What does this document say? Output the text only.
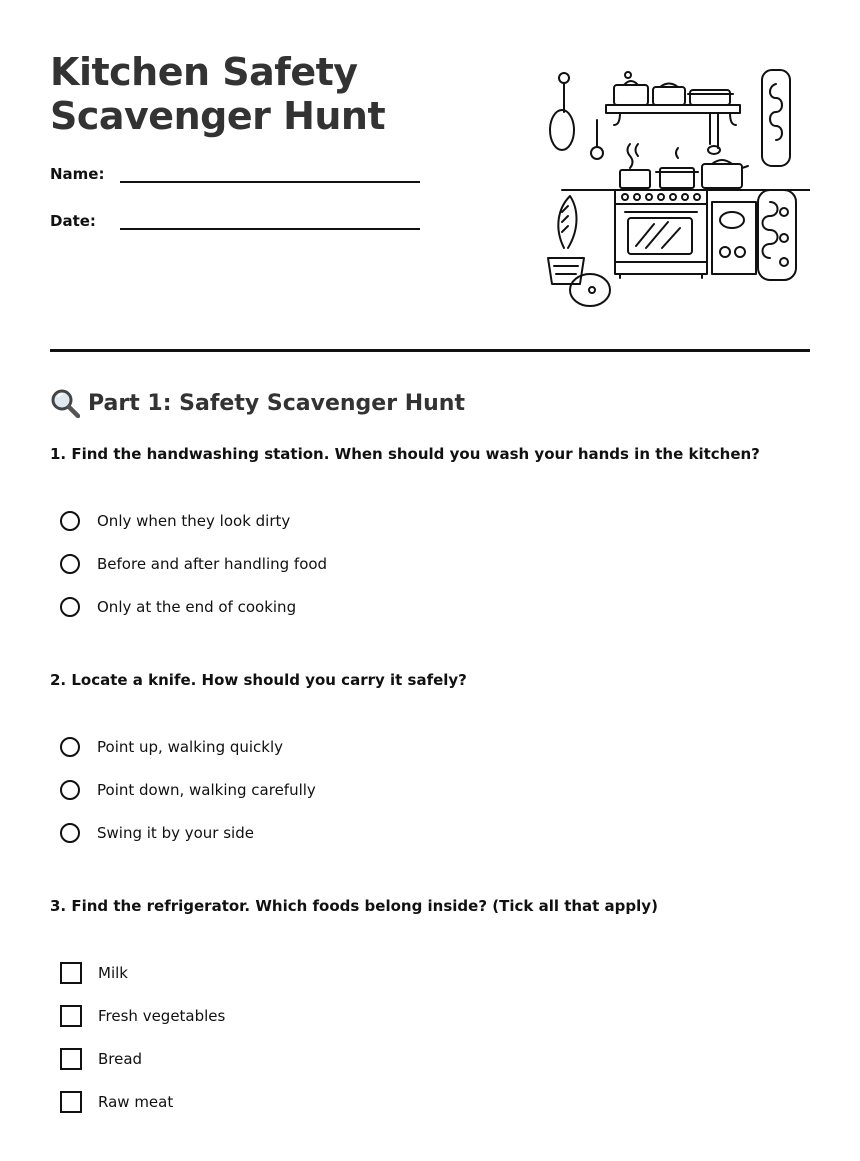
Kitchen Safety
Scavenger Hunt
Name:
Date:
Part 1: Safety Scavenger Hunt

1. Find the handwashing station. When should you wash your hands in the kitchen?

Only when they look dirty
Before and after handling food
Only at the end of cooking

2. Locate a knife. How should you carry it safely?

Point up, walking quickly
Point down, walking carefully
Swing it by your side

3. Find the refrigerator. Which foods belong inside? (Tick all that apply)

Milk
Fresh vegetables
Bread
Raw meat
